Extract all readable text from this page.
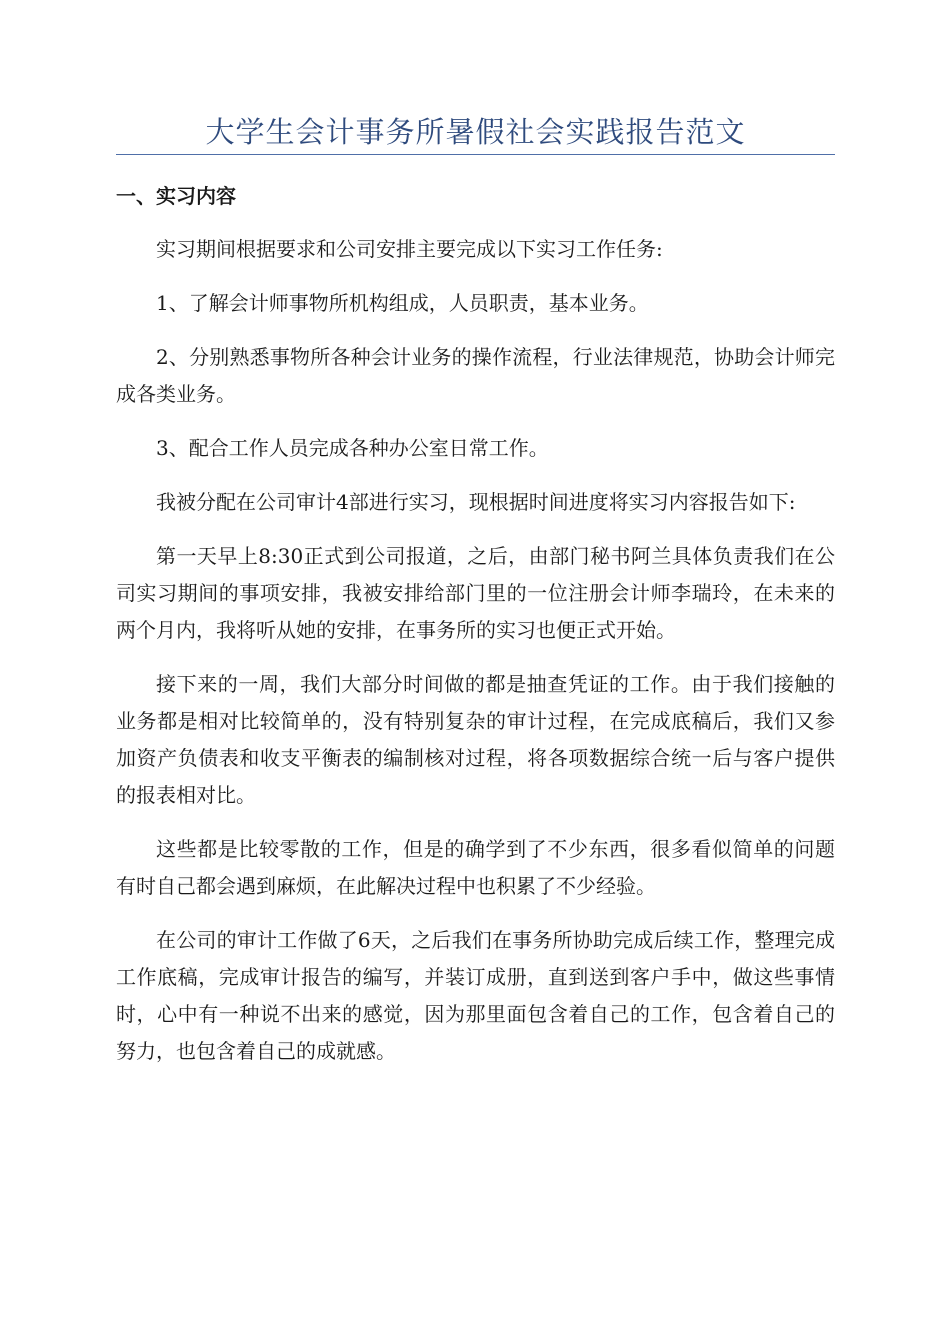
大学生会计事务所暑假社会实践报告范文

一、实习内容

实习期间根据要求和公司安排主要完成以下实习工作任务:

1、了解会计师事物所机构组成，人员职责，基本业务。

2、分别熟悉事物所各种会计业务的操作流程，行业法律规范，协助会计师完成各类业务。

3、配合工作人员完成各种办公室日常工作。

我被分配在公司审计4部进行实习，现根据时间进度将实习内容报告如下:

第一天早上8:30正式到公司报道，之后，由部门秘书阿兰具体负责我们在公司实习期间的事项安排，我被安排给部门里的一位注册会计师李瑞玲，在未来的两个月内，我将听从她的安排，在事务所的实习也便正式开始。

接下来的一周，我们大部分时间做的都是抽查凭证的工作。由于我们接触的业务都是相对比较简单的，没有特别复杂的审计过程，在完成底稿后，我们又参加资产负债表和收支平衡表的编制核对过程，将各项数据综合统一后与客户提供的报表相对比。

这些都是比较零散的工作，但是的确学到了不少东西，很多看似简单的问题有时自己都会遇到麻烦，在此解决过程中也积累了不少经验。

在公司的审计工作做了6天，之后我们在事务所协助完成后续工作，整理完成工作底稿，完成审计报告的编写，并装订成册，直到送到客户手中，做这些事情时，心中有一种说不出来的感觉，因为那里面包含着自己的工作，包含着自己的努力，也包含着自己的成就感。
